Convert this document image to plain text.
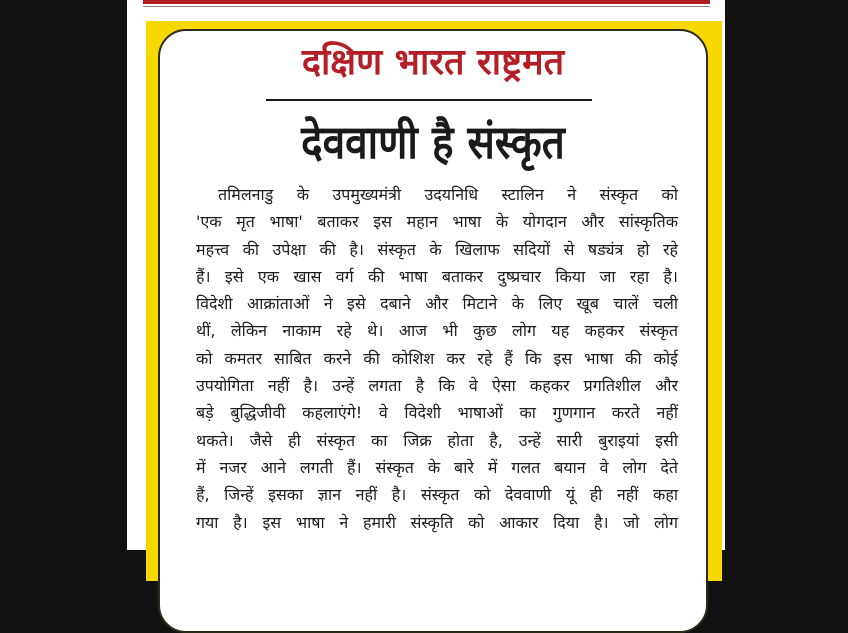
दक्षिण भारत राष्ट्रमत
देववाणी है संस्कृत
तमिलनाडु के उपमुख्यमंत्री उदयनिधि स्टालिन ने संस्कृत को
'एक मृत भाषा' बताकर इस महान भाषा के योगदान और सांस्कृतिक
महत्त्व की उपेक्षा की है। संस्कृत के खिलाफ सदियों से षड्यंत्र हो रहे
हैं। इसे एक खास वर्ग की भाषा बताकर दुष्प्रचार किया जा रहा है।
विदेशी आक्रांताओं ने इसे दबाने और मिटाने के लिए खूब चालें चली
थीं, लेकिन नाकाम रहे थे। आज भी कुछ लोग यह कहकर संस्कृत
को कमतर साबित करने की कोशिश कर रहे हैं कि इस भाषा की कोई
उपयोगिता नहीं है। उन्हें लगता है कि वे ऐसा कहकर प्रगतिशील और
बड़े बुद्धिजीवी कहलाएंगे! वे विदेशी भाषाओं का गुणगान करते नहीं
थकते। जैसे ही संस्कृत का जिक्र होता है, उन्हें सारी बुराइयां इसी
में नजर आने लगती हैं। संस्कृत के बारे में गलत बयान वे लोग देते
हैं, जिन्हें इसका ज्ञान नहीं है। संस्कृत को देववाणी यूं ही नहीं कहा
गया है। इस भाषा ने हमारी संस्कृति को आकार दिया है। जो लोग
